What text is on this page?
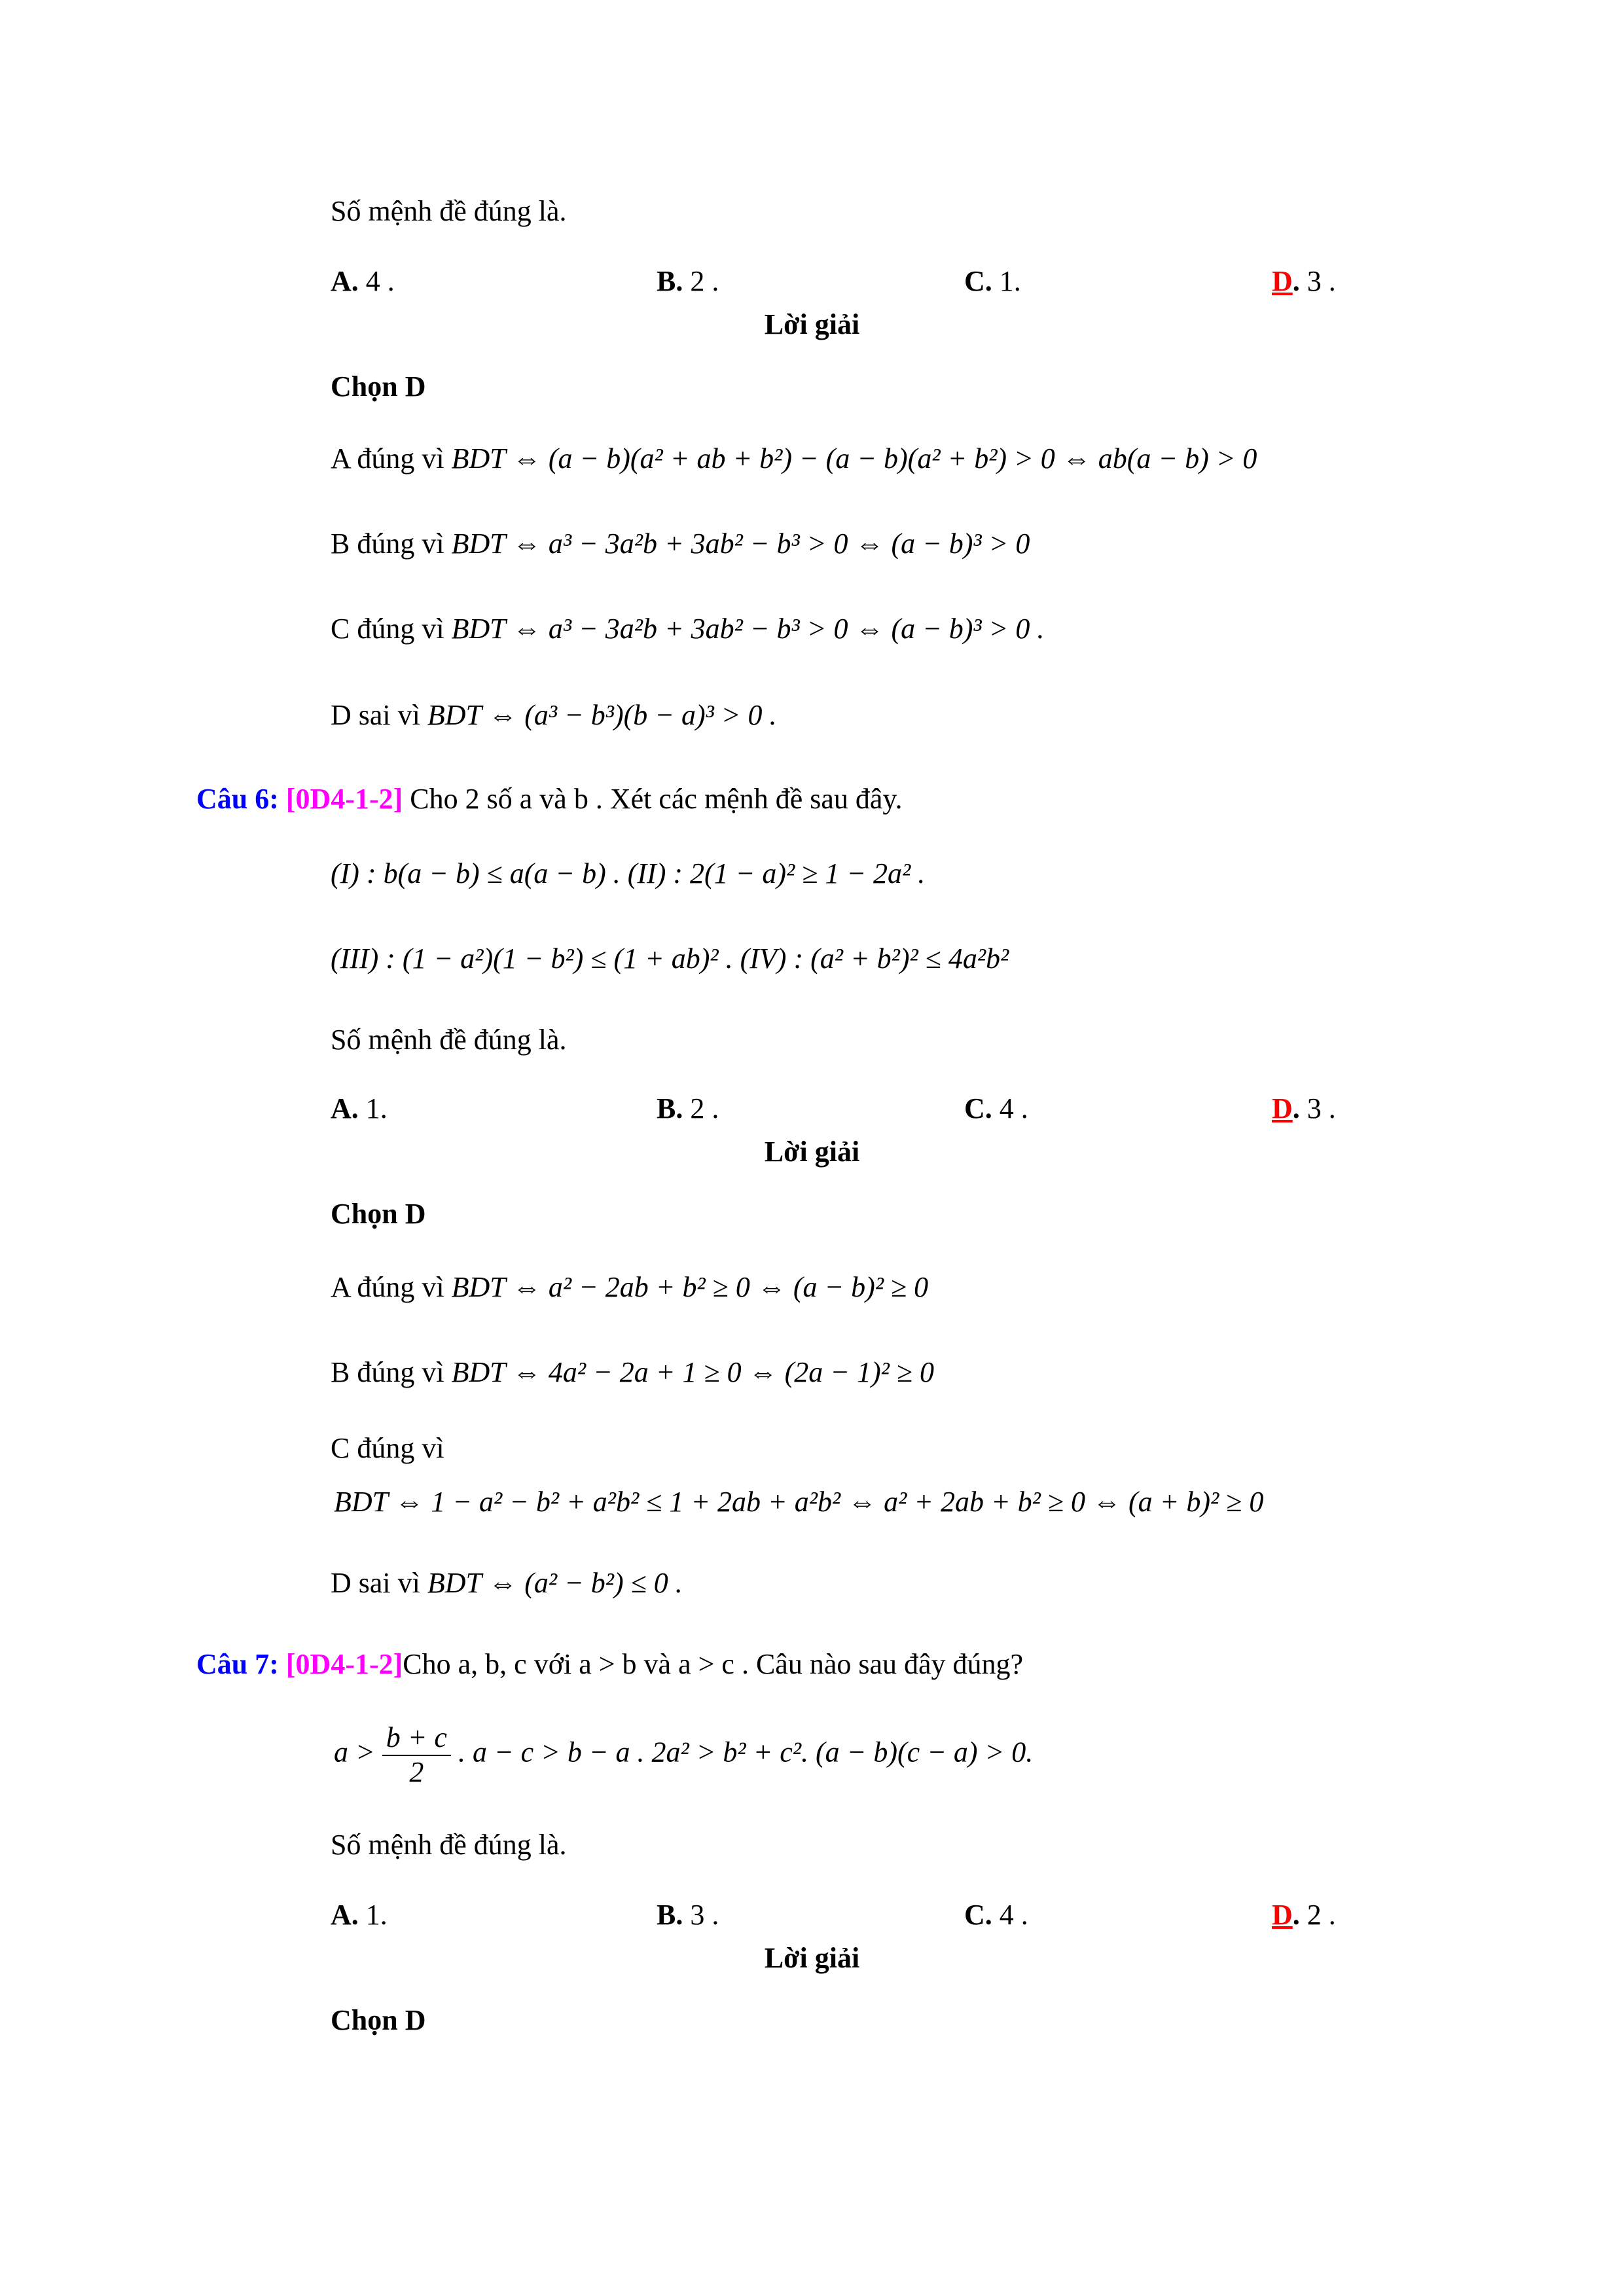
Số mệnh đề đúng là.
A. 4 .	B. 2 .	C. 1.	D. 3 .
Lời giải
Chọn D
A đúng vì BDT ⇔ (a − b)(a² + ab + b²) − (a − b)(a² + b²) > 0 ⇔ ab(a − b) > 0
B đúng vì BDT ⇔ a³ − 3a²b + 3ab² − b³ > 0 ⇔ (a − b)³ > 0
C đúng vì BDT ⇔ a³ − 3a²b + 3ab² − b³ > 0 ⇔ (a − b)³ > 0 .
D sai vì BDT ⇔ (a³ − b³)(b − a)³ > 0 .
Câu 6: [0D4-1-2] Cho 2 số a và b . Xét các mệnh đề sau đây.
(I) : b(a − b) ≤ a(a − b) . (II) : 2(1 − a)² ≥ 1 − 2a² .
(III) : (1 − a²)(1 − b²) ≤ (1 + ab)² . (IV) : (a² + b²)² ≤ 4a²b²
Số mệnh đề đúng là.
A. 1.	B. 2 .	C. 4 .	D. 3 .
Lời giải
Chọn D
A đúng vì BDT ⇔ a² − 2ab + b² ≥ 0 ⇔ (a − b)² ≥ 0
B đúng vì BDT ⇔ 4a² − 2a + 1 ≥ 0 ⇔ (2a − 1)² ≥ 0
C đúng vì
BDT ⇔ 1 − a² − b² + a²b² ≤ 1 + 2ab + a²b² ⇔ a² + 2ab + b² ≥ 0 ⇔ (a + b)² ≥ 0
D sai vì BDT ⇔ (a² − b²) ≤ 0 .
Câu 7: [0D4-1-2]Cho a, b, c với a > b và a > c . Câu nào sau đây đúng?
$a > \frac{b + c}{2}$ . a − c > b − a . 2a² > b² + c². (a − b)(c − a) > 0.
Số mệnh đề đúng là.
A. 1.	B. 3 .	C. 4 .	D. 2 .
Lời giải
Chọn D
